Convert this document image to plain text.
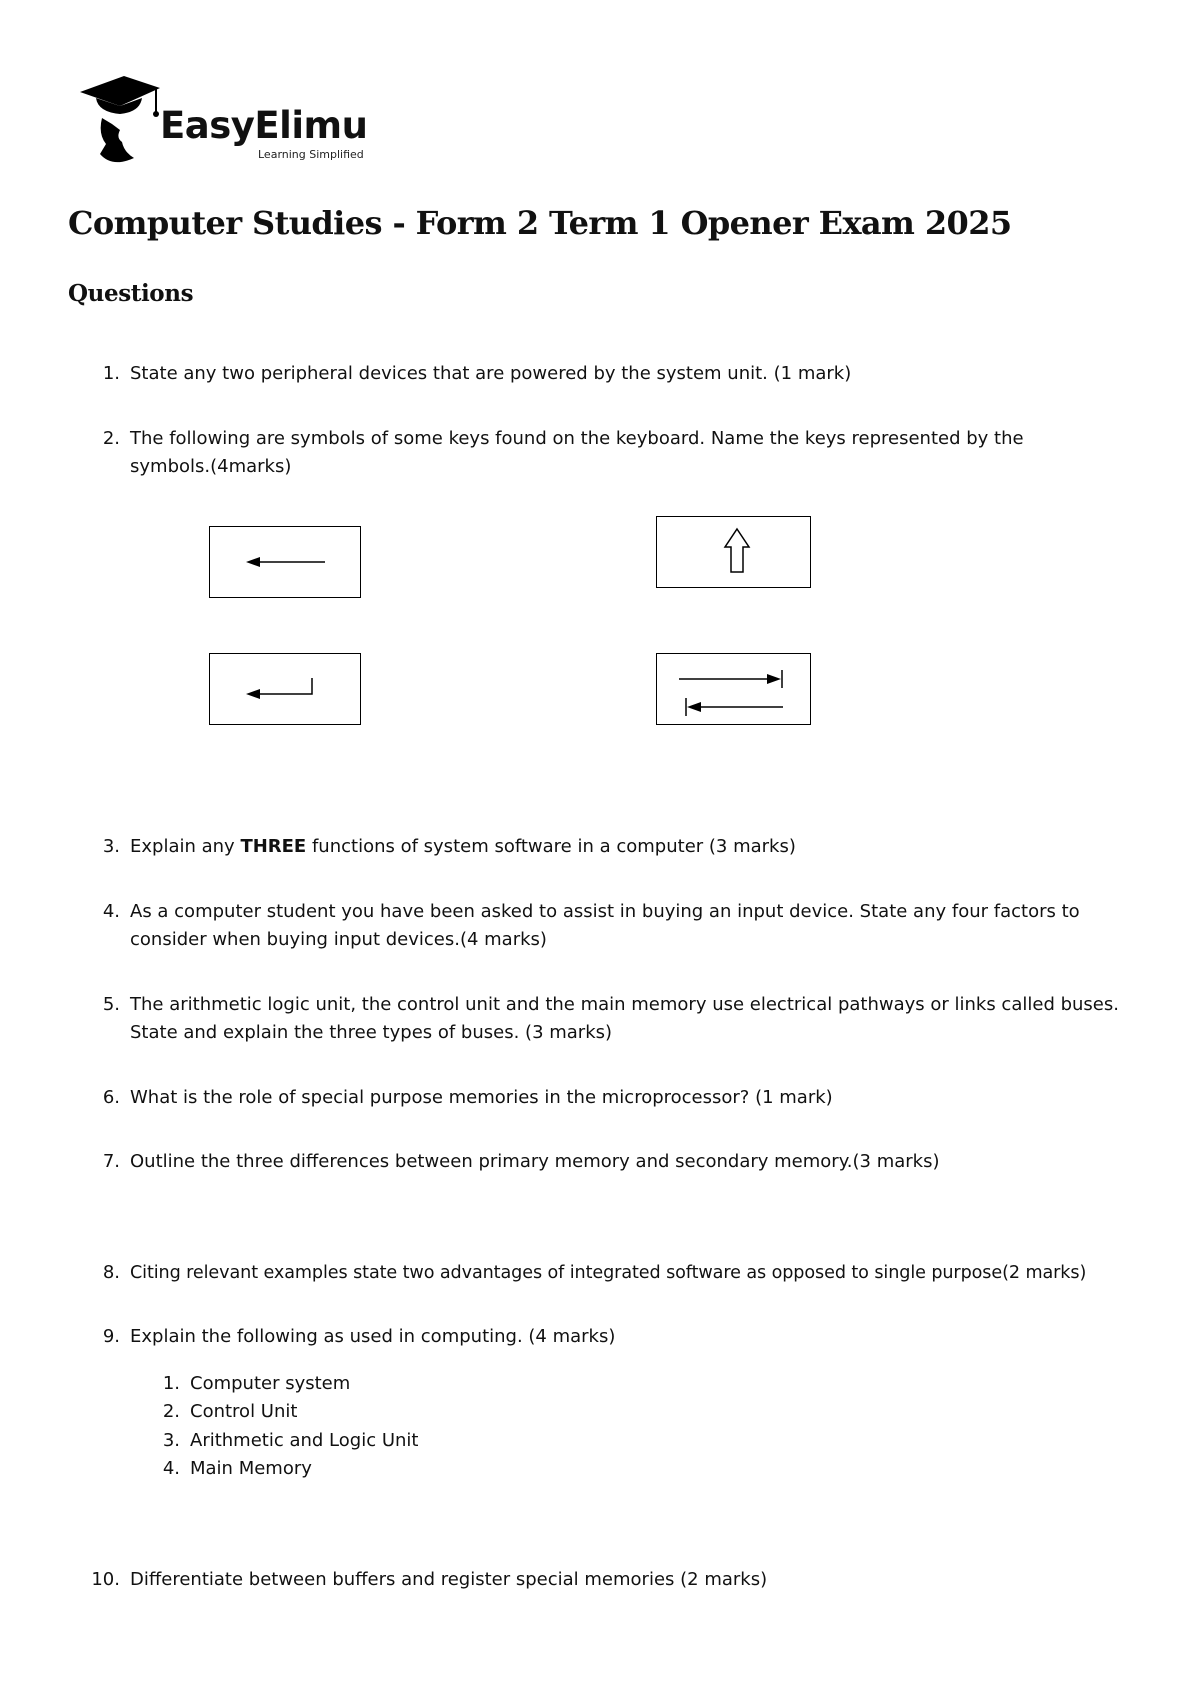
EasyElimu
Learning Simplified
Computer Studies - Form 2 Term 1 Opener Exam 2025
Questions
1. State any two peripheral devices that are powered by the system unit. (1 mark)
2. The following are symbols of some keys found on the keyboard. Name the keys represented by the symbols.(4marks)
3. Explain any THREE functions of system software in a computer (3 marks)
4. As a computer student you have been asked to assist in buying an input device. State any four factors to consider when buying input devices.(4 marks)
5. The arithmetic logic unit, the control unit and the main memory use electrical pathways or links called buses. State and explain the three types of buses. (3 marks)
6. What is the role of special purpose memories in the microprocessor? (1 mark)
7. Outline the three differences between primary memory and secondary memory.(3 marks)
8. Citing relevant examples state two advantages of integrated software as opposed to single purpose(2 marks)
9. Explain the following as used in computing. (4 marks)
1. Computer system
2. Control Unit
3. Arithmetic and Logic Unit
4. Main Memory
10. Differentiate between buffers and register special memories (2 marks)
